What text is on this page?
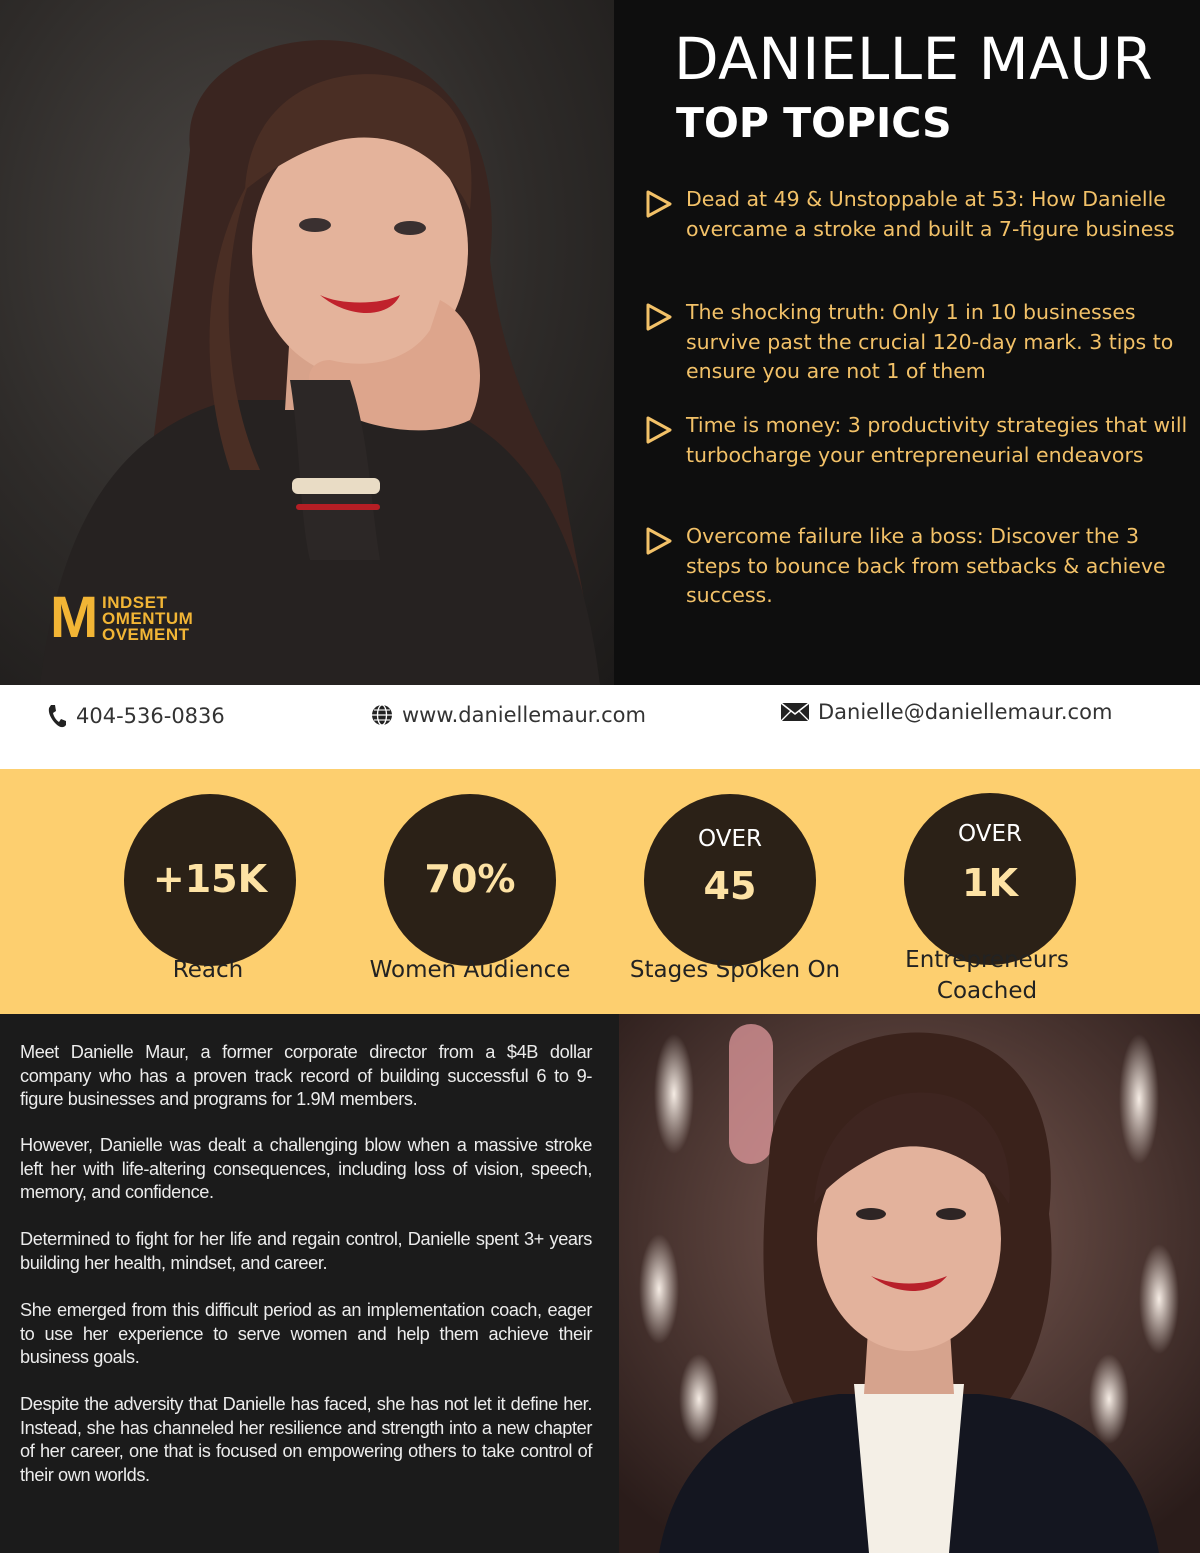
M INDSET
OMENTUM
OVEMENT
DANIELLE MAUR
TOP TOPICS
Dead at 49 & Unstoppable at 53: How Danielle overcame a stroke and built a 7-figure business
The shocking truth: Only 1 in 10 businesses survive past the crucial 120-day mark. 3 tips to ensure you are not 1 of them
Time is money: 3 productivity strategies that will turbocharge your entrepreneurial endeavors
Overcome failure like a boss: Discover the 3 steps to bounce back from setbacks & achieve success.
404-536-0836	www.daniellemaur.com	Danielle@daniellemaur.com
+15K
Reach
70%
Women Audience
OVER
45
Stages Spoken On
OVER
1K
Entrepreneurs
Coached

Meet Danielle Maur, a former corporate director from a $4B dollar company who has a proven track record of building successful 6 to 9-figure businesses and programs for 1.9M members.

However, Danielle was dealt a challenging blow when a massive stroke left her with life-altering consequences, including loss of vision, speech, memory, and confidence.

Determined to fight for her life and regain control, Danielle spent 3+ years building her health, mindset, and career.

She emerged from this difficult period as an implementation coach, eager to use her experience to serve women and help them achieve their business goals.

Despite the adversity that Danielle has faced, she has not let it define her. Instead, she has channeled her resilience and strength into a new chapter of her career, one that is focused on empowering others to take control of their own worlds.
